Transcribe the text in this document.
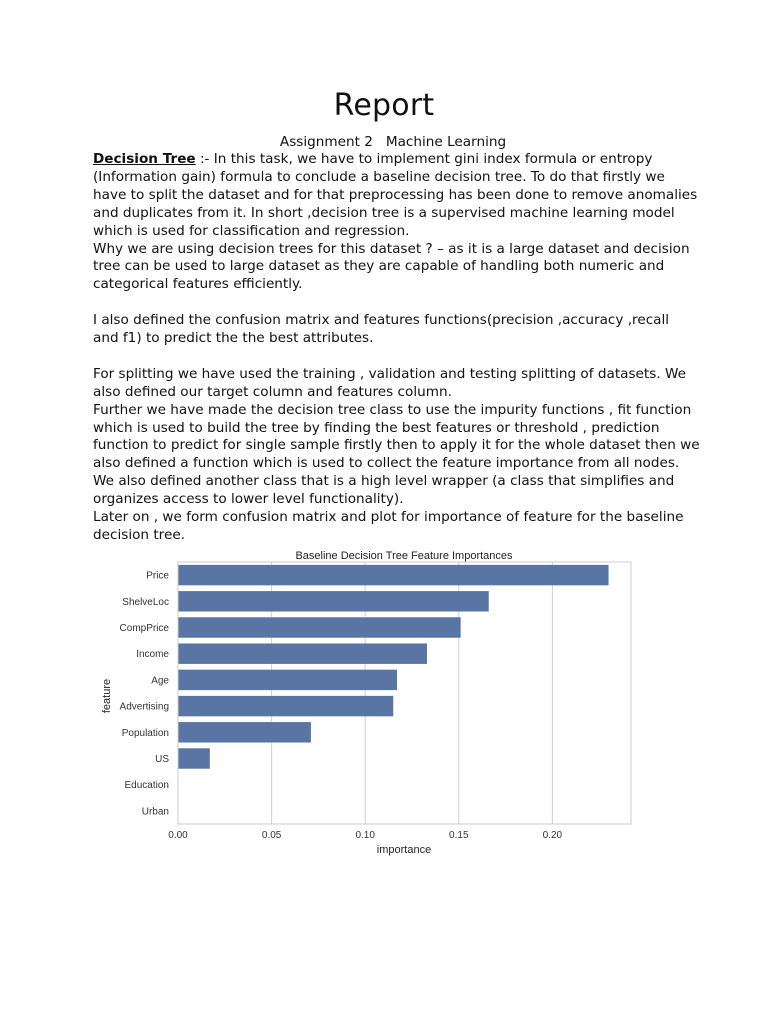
Report
Assignment 2   Machine Learning
Decision Tree :- In this task, we have to implement gini index formula or entropy
(Information gain) formula to conclude a baseline decision tree. To do that firstly we
have to split the dataset and for that preprocessing has been done to remove anomalies
and duplicates from it. In short ,decision tree is a supervised machine learning model
which is used for classification and regression.
Why we are using decision trees for this dataset ? – as it is a large dataset and decision
tree can be used to large dataset as they are capable of handling both numeric and
categorical features efficiently.
I also defined the confusion matrix and features functions(precision ,accuracy ,recall
and f1) to predict the the best attributes.
For splitting we have used the training , validation and testing splitting of datasets. We
also defined our target column and features column.
Further we have made the decision tree class to use the impurity functions , fit function
which is used to build the tree by finding the best features or threshold , prediction
function to predict for single sample firstly then to apply it for the whole dataset then we
also defined a function which is used to collect the feature importance from all nodes.
We also defined another class that is a high level wrapper (a class that simplifies and
organizes access to lower level functionality).
Later on , we form confusion matrix and plot for importance of feature for the baseline
decision tree.
Baseline Decision Tree Feature Importances
importance
feature
Price
ShelveLoc
CompPrice
Income
Age
Advertising
Population
US
Education
Urban
0.00	0.05	0.10	0.15	0.20
